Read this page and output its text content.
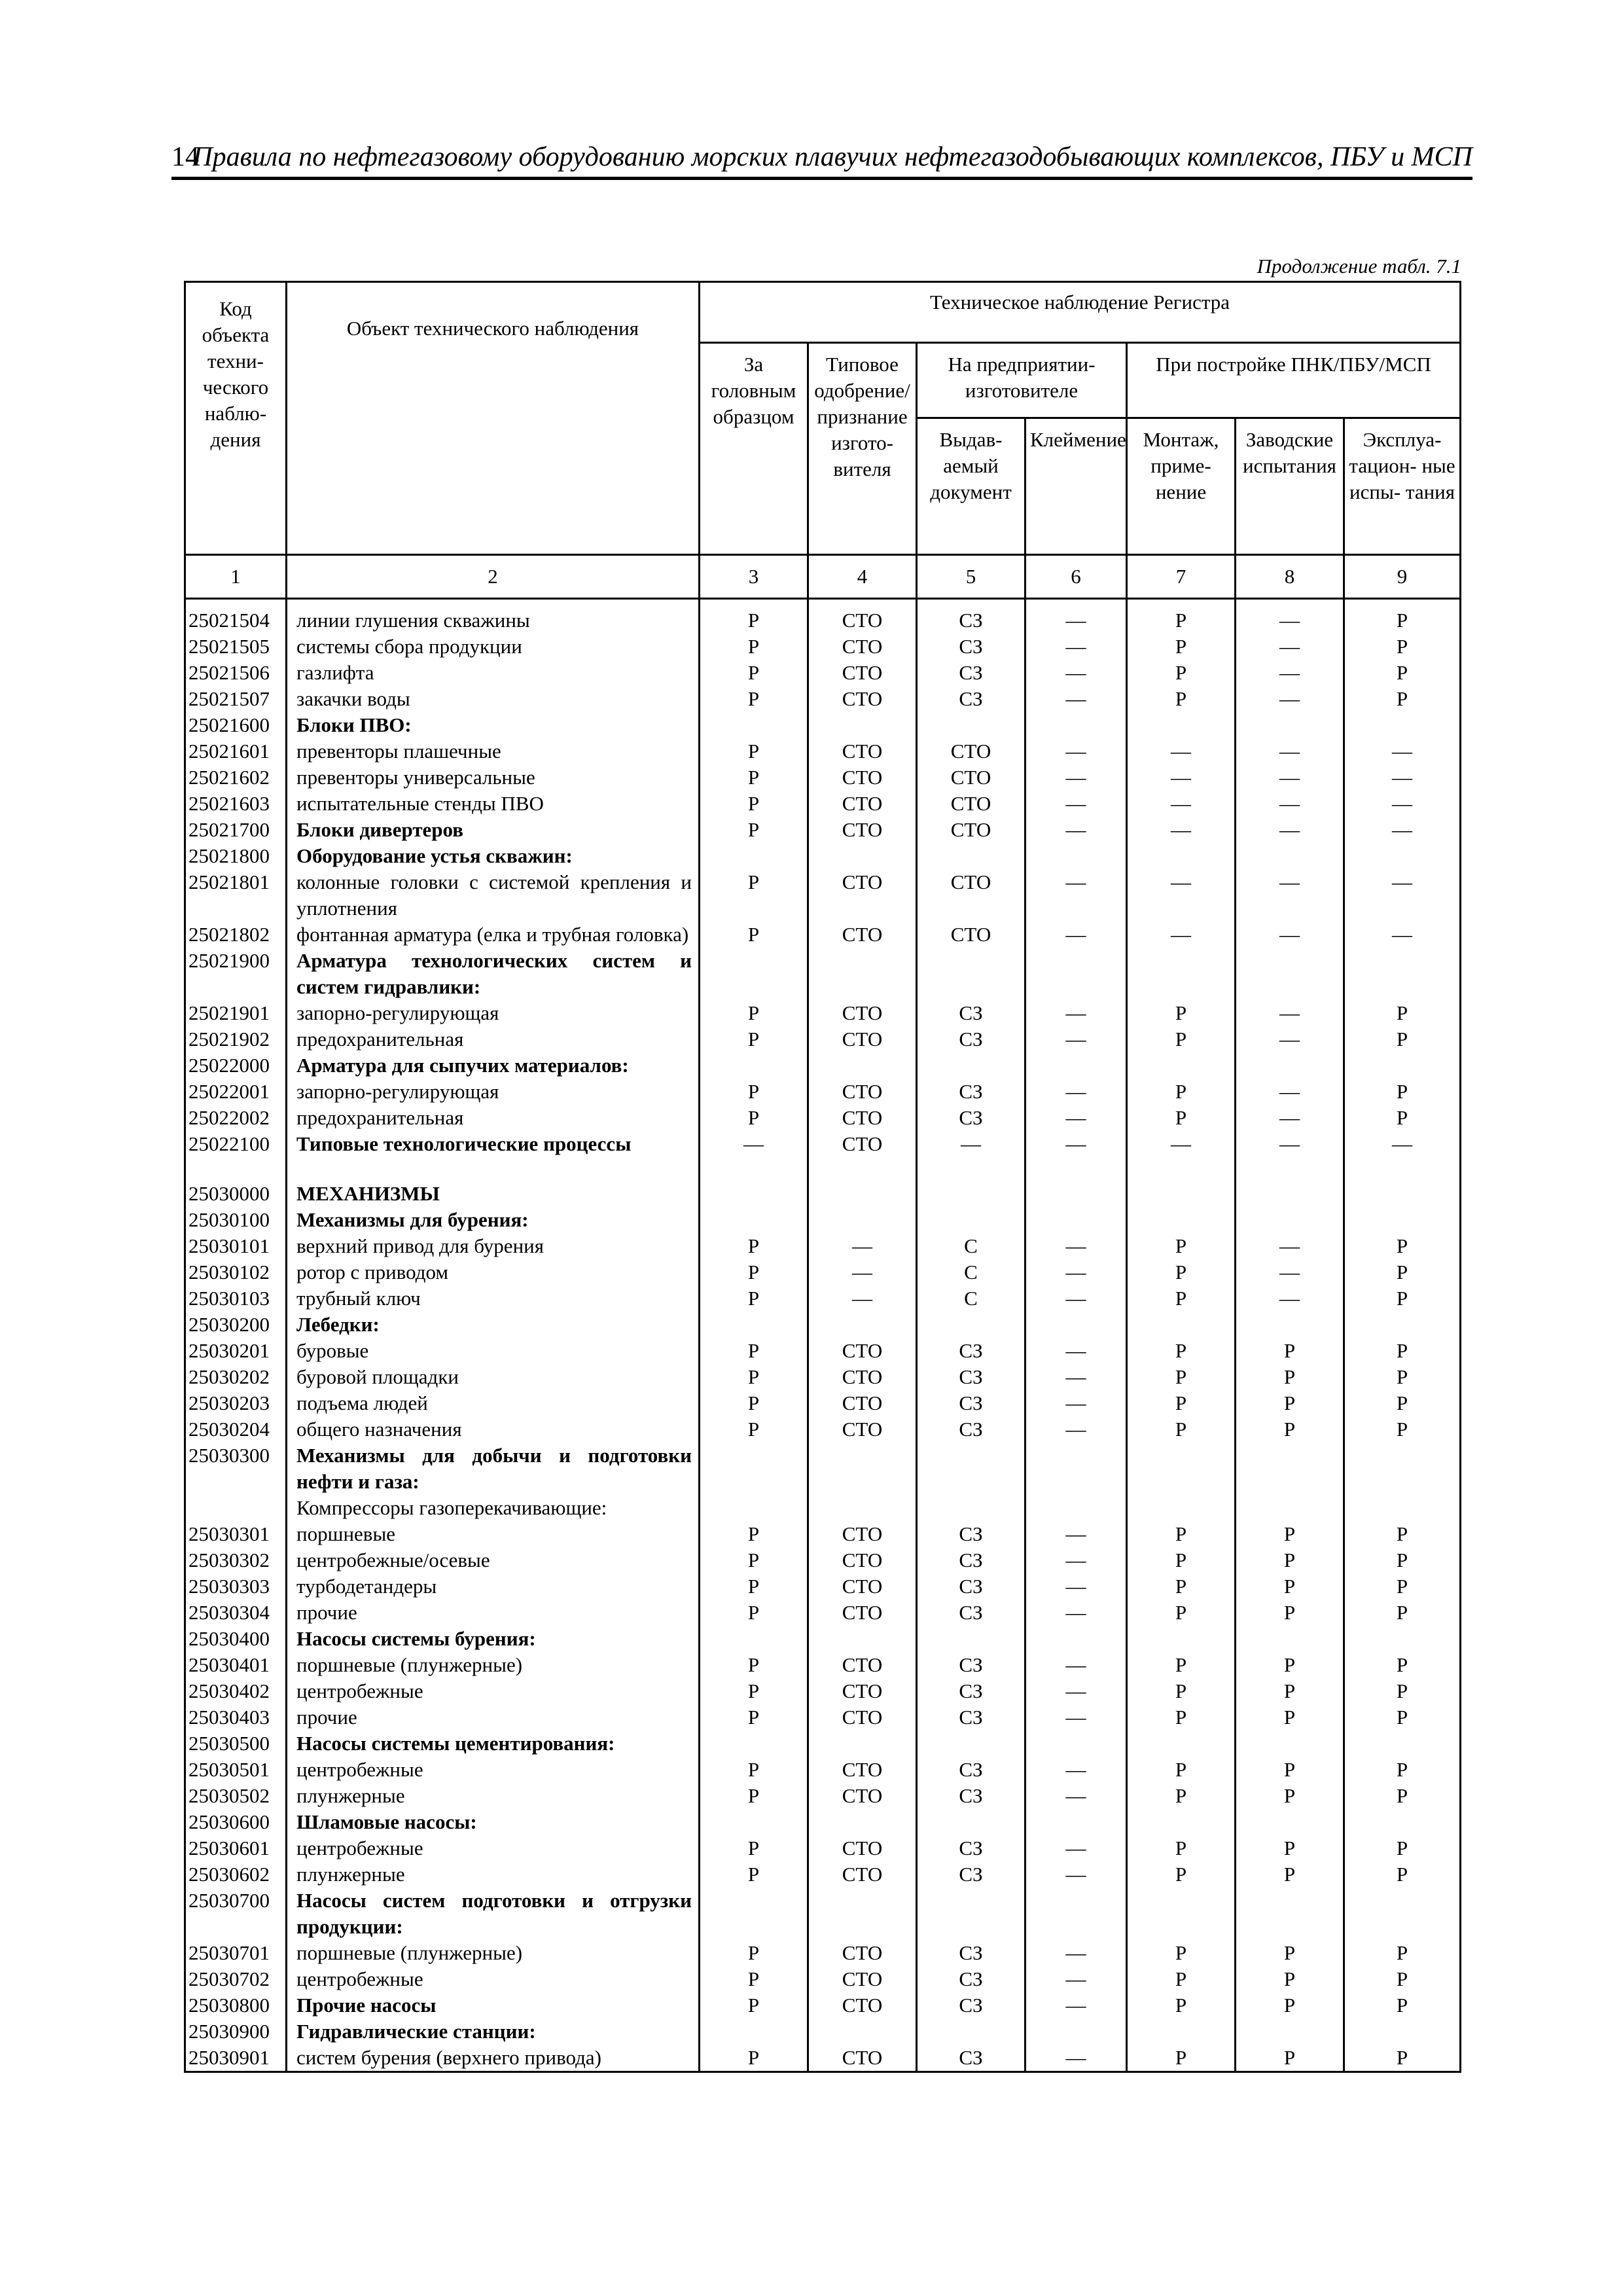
14
Правила по нефтегазовому оборудованию морских плавучих нефтегазодобывающих комплексов, ПБУ и МСП
Продолжение табл. 7.1
Код объекта техни- ческого наблю- дения	Объект технического наблюдения	Техническое наблюдение Регистра						
		За головным образцом	Типовое одобрение/ признание изгото- вителя	На предприятии- изготовителе		При постройке ПНК/ПБУ/МСП		
				Выдав- аемый документ	Клеймение	Монтаж, приме- нение	Заводские испытания	Эксплуа- тацион- ные испы- тания
1	2	3	4	5	6	7	8	9
25021504	линии глушения скважины	Р	СТО	СЗ	—	Р	—	Р
25021505	системы сбора продукции	Р	СТО	СЗ	—	Р	—	Р
25021506	газлифта	Р	СТО	СЗ	—	Р	—	Р
25021507	закачки воды	Р	СТО	СЗ	—	Р	—	Р
25021600	Блоки ПВО:							
25021601	превенторы плашечные	Р	СТО	СТО	—	—	—	—
25021602	превенторы универсальные	Р	СТО	СТО	—	—	—	—
25021603	испытательные стенды ПВО	Р	СТО	СТО	—	—	—	—
25021700	Блоки дивертеров	Р	СТО	СТО	—	—	—	—
25021800	Оборудование устья скважин:							
25021801	колонные головки с системой крепления и уплотнения	Р	СТО	СТО	—	—	—	—
25021802	фонтанная арматура (елка и трубная головка)	Р	СТО	СТО	—	—	—	—
25021900	Арматура технологических систем и систем гидравлики:							
25021901	запорно-регулирующая	Р	СТО	СЗ	—	Р	—	Р
25021902	предохранительная	Р	СТО	СЗ	—	Р	—	Р
25022000	Арматура для сыпучих материалов:							
25022001	запорно-регулирующая	Р	СТО	СЗ	—	Р	—	Р
25022002	предохранительная	Р	СТО	СЗ	—	Р	—	Р
25022100	Типовые технологические процессы	—	СТО	—	—	—	—	—

25030000	МЕХАНИЗМЫ							
25030100	Механизмы для бурения:							
25030101	верхний привод для бурения	Р	—	С	—	Р	—	Р
25030102	ротор с приводом	Р	—	С	—	Р	—	Р
25030103	трубный ключ	Р	—	С	—	Р	—	Р
25030200	Лебедки:							
25030201	буровые	Р	СТО	СЗ	—	Р	Р	Р
25030202	буровой площадки	Р	СТО	СЗ	—	Р	Р	Р
25030203	подъема людей	Р	СТО	СЗ	—	Р	Р	Р
25030204	общего назначения	Р	СТО	СЗ	—	Р	Р	Р
25030300	Механизмы для добычи и подготовки нефти и газа:							
	Компрессоры газоперекачивающие:							
25030301	поршневые	Р	СТО	СЗ	—	Р	Р	Р
25030302	центробежные/осевые	Р	СТО	СЗ	—	Р	Р	Р
25030303	турбодетандеры	Р	СТО	СЗ	—	Р	Р	Р
25030304	прочие	Р	СТО	СЗ	—	Р	Р	Р
25030400	Насосы системы бурения:							
25030401	поршневые (плунжерные)	Р	СТО	СЗ	—	Р	Р	Р
25030402	центробежные	Р	СТО	СЗ	—	Р	Р	Р
25030403	прочие	Р	СТО	СЗ	—	Р	Р	Р
25030500	Насосы системы цементирования:							
25030501	центробежные	Р	СТО	СЗ	—	Р	Р	Р
25030502	плунжерные	Р	СТО	СЗ	—	Р	Р	Р
25030600	Шламовые насосы:							
25030601	центробежные	Р	СТО	СЗ	—	Р	Р	Р
25030602	плунжерные	Р	СТО	СЗ	—	Р	Р	Р
25030700	Насосы систем подготовки и отгрузки продукции:							
25030701	поршневые (плунжерные)	Р	СТО	СЗ	—	Р	Р	Р
25030702	центробежные	Р	СТО	СЗ	—	Р	Р	Р
25030800	Прочие насосы	Р	СТО	СЗ	—	Р	Р	Р
25030900	Гидравлические станции:							
25030901	систем бурения (верхнего привода)	Р	СТО	СЗ	—	Р	Р	Р
